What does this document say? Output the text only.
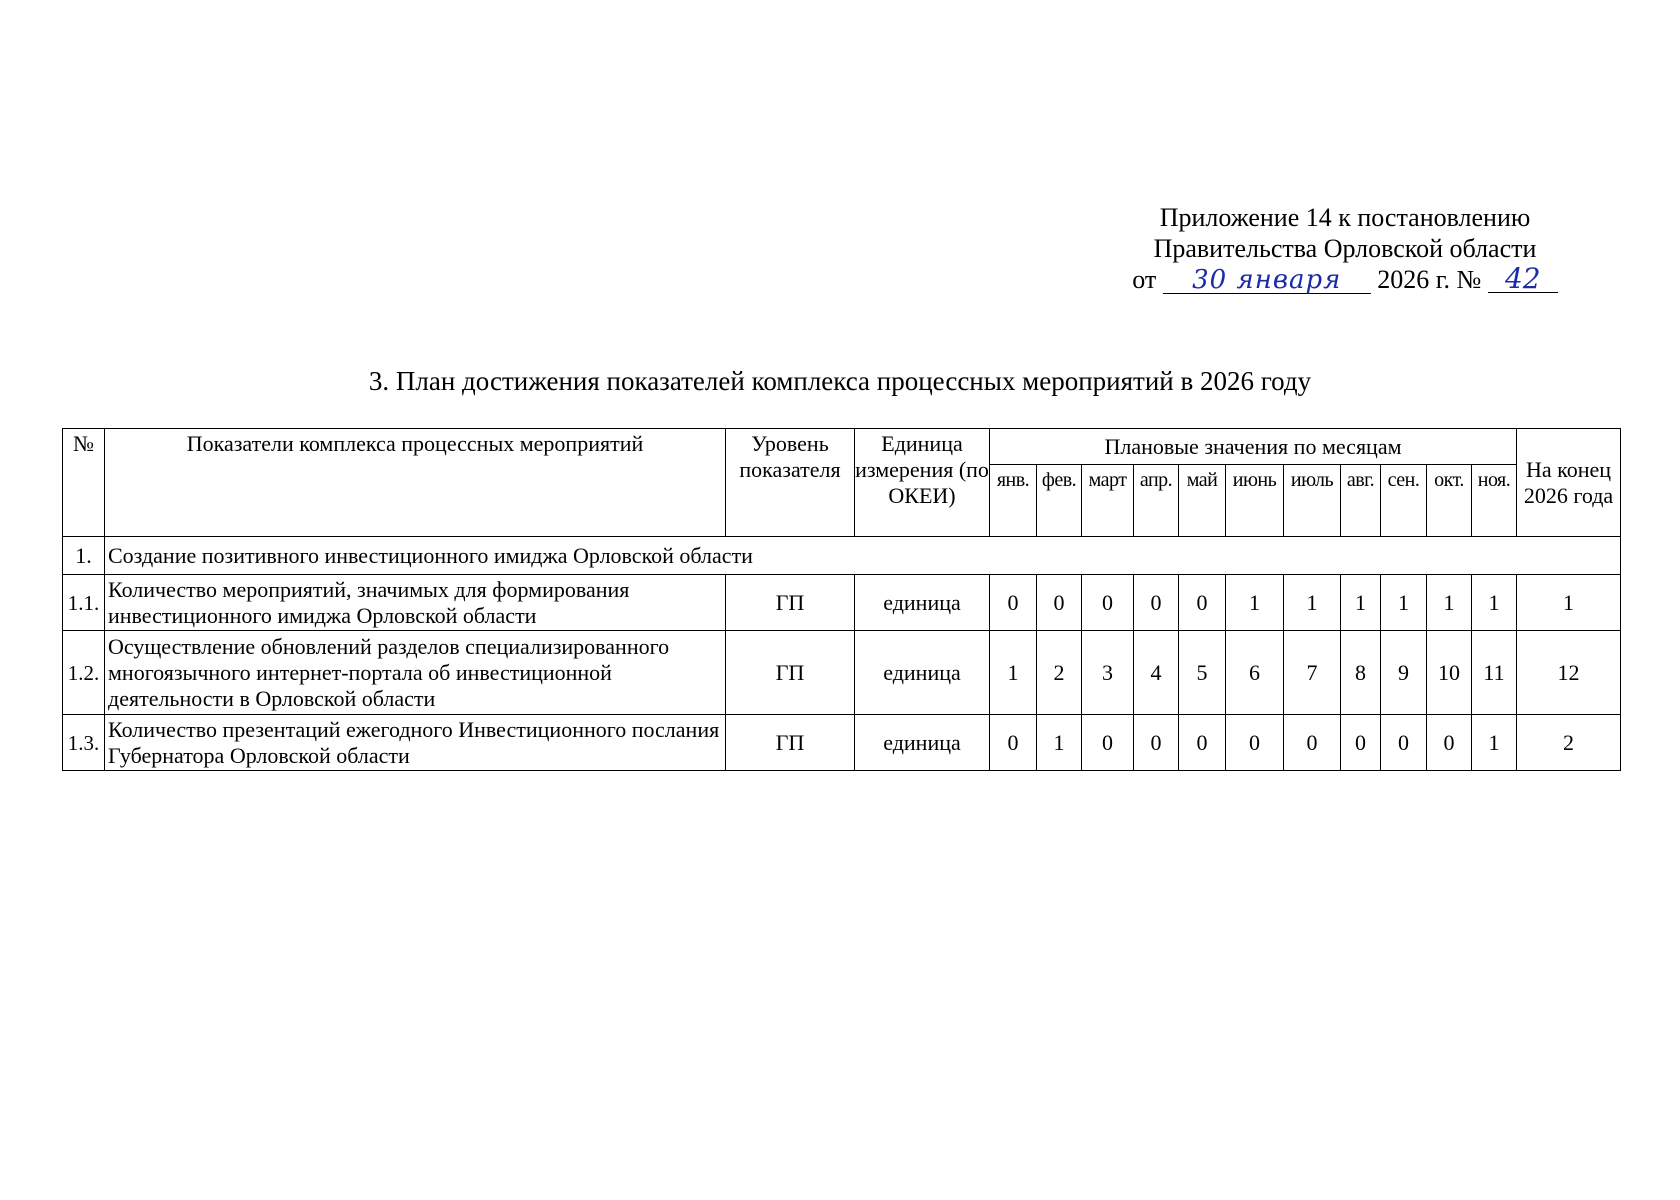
Приложение 14 к постановлению
Правительства Орловской области
от 30 января 2026 г. № 42
3. План достижения показателей комплекса процессных мероприятий в 2026 году
№	Показатели комплекса процессных мероприятий	Уровень показателя	Единица измерения (по ОКЕИ)	Плановые значения по месяцам											На конец 2026 года
				янв.	фев.	март	апр.	май	июнь	июль	авг.	сен.	окт.	ноя.	
1.	Создание позитивного инвестиционного имиджа Орловской области														
1.1.	Количество мероприятий, значимых для формирования инвестиционного имиджа Орловской области	ГП	единица	0	0	0	0	0	1	1	1	1	1	1	1
1.2.	Осуществление обновлений разделов специализированного многоязычного интернет-портала об инвестиционной деятельности в Орловской области	ГП	единица	1	2	3	4	5	6	7	8	9	10	11	12
1.3.	Количество презентаций ежегодного Инвестиционного послания Губернатора Орловской области	ГП	единица	0	1	0	0	0	0	0	0	0	0	1	2
